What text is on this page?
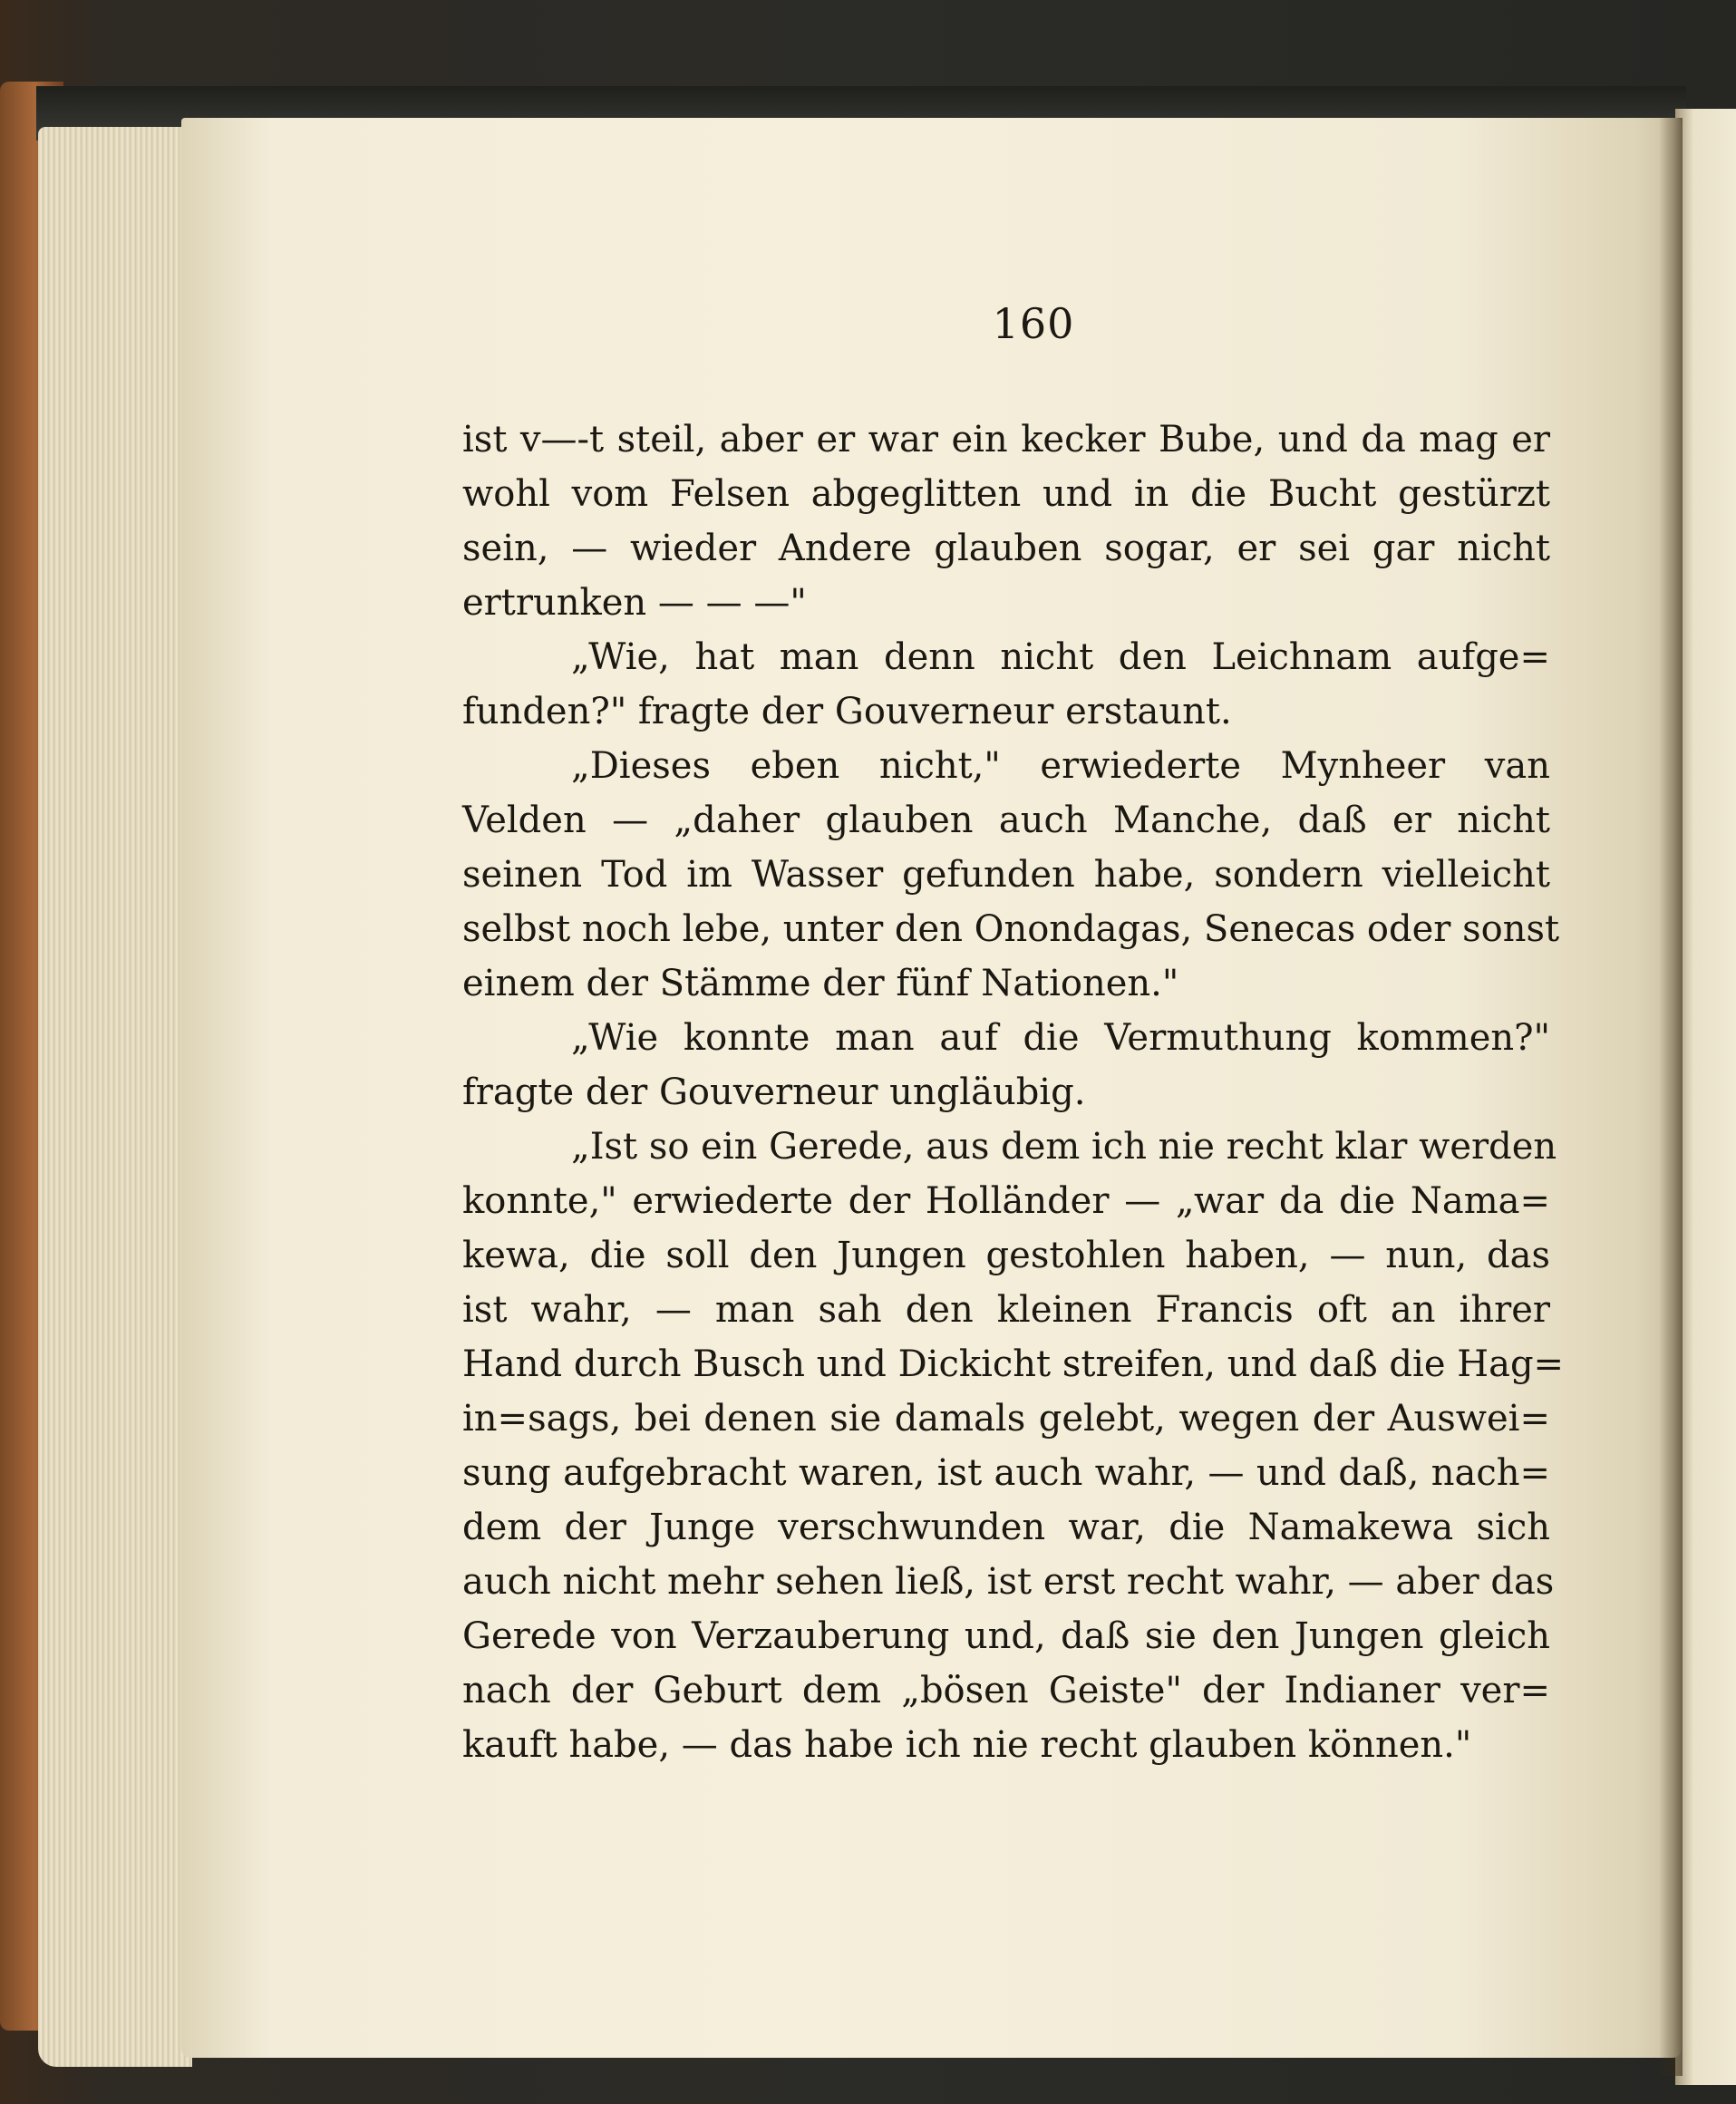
160
ist v—-t steil, aber er war ein kecker Bube, und da mag er
wohl vom Felsen abgeglitten und in die Bucht gestürzt
sein, — wieder Andere glauben sogar, er sei gar nicht
ertrunken — — —"
„Wie, hat man denn nicht den Leichnam aufge=
funden?" fragte der Gouverneur erstaunt.
„Dieses eben nicht," erwiederte Mynheer van
Velden — „daher glauben auch Manche, daß er nicht
seinen Tod im Wasser gefunden habe, sondern vielleicht
selbst noch lebe, unter den Onondagas, Senecas oder sonst
einem der Stämme der fünf Nationen."
„Wie konnte man auf die Vermuthung kommen?"
fragte der Gouverneur ungläubig.
„Ist so ein Gerede, aus dem ich nie recht klar werden
konnte," erwiederte der Holländer — „war da die Nama=
kewa, die soll den Jungen gestohlen haben, — nun, das
ist wahr, — man sah den kleinen Francis oft an ihrer
Hand durch Busch und Dickicht streifen, und daß die Hag=
in=sags, bei denen sie damals gelebt, wegen der Auswei=
sung aufgebracht waren, ist auch wahr, — und daß, nach=
dem der Junge verschwunden war, die Namakewa sich
auch nicht mehr sehen ließ, ist erst recht wahr, — aber das
Gerede von Verzauberung und, daß sie den Jungen gleich
nach der Geburt dem „bösen Geiste" der Indianer ver=
kauft habe, — das habe ich nie recht glauben können."
